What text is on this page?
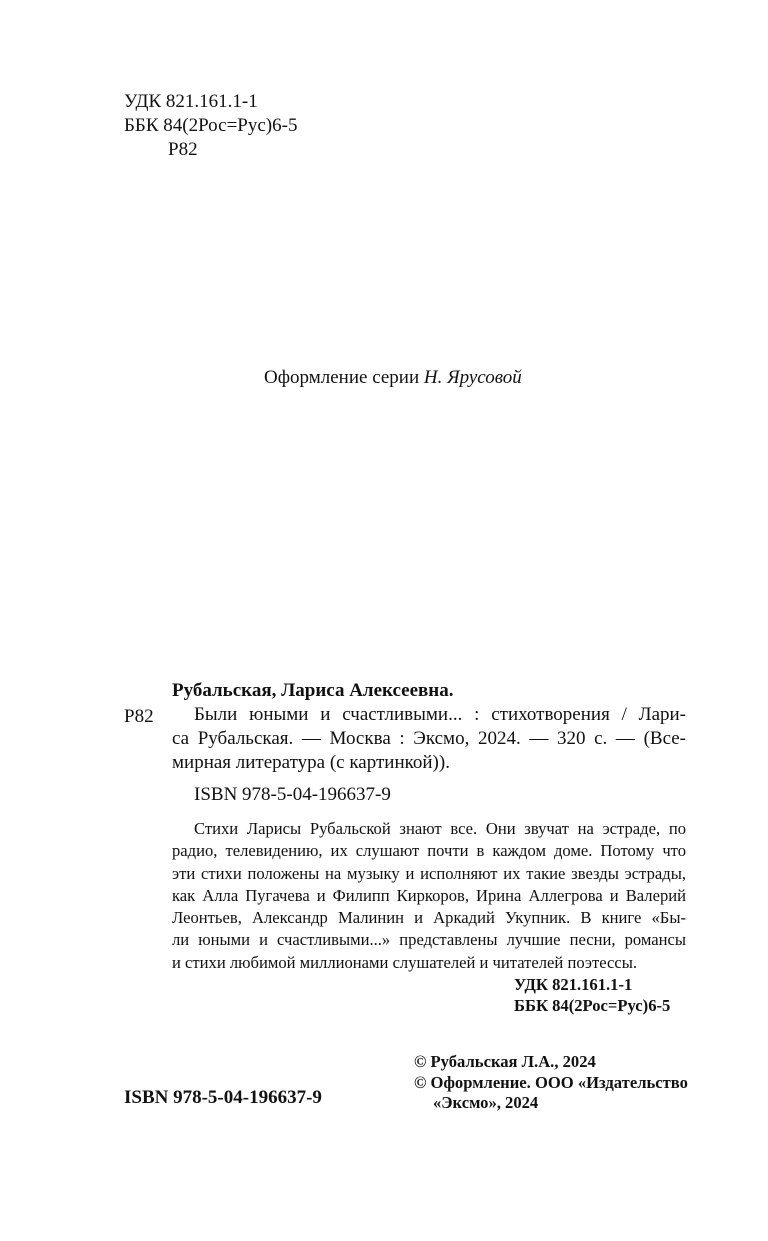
УДК 821.161.1-1
ББК 84(2Рос=Рус)6-5
Р82
Оформление серии Н. Ярусовой
Рубальская, Лариса Алексеевна.
Р82	Были юными и счастливыми... : стихотворения / Лари-
са Рубальская. — Москва : Эксмо, 2024. — 320 с. — (Все-
мирная литература (с картинкой)).
ISBN 978-5-04-196637-9
Стихи Ларисы Рубальской знают все. Они звучат на эстраде, по
радио, телевидению, их слушают почти в каждом доме. Потому что
эти стихи положены на музыку и исполняют их такие звезды эстрады,
как Алла Пугачева и Филипп Киркоров, Ирина Аллегрова и Валерий
Леонтьев, Александр Малинин и Аркадий Укупник. В книге «Бы-
ли юными и счастливыми...» представлены лучшие песни, романсы
и стихи любимой миллионами слушателей и читателей поэтессы.
УДК 821.161.1-1
ББК 84(2Рос=Рус)6-5
© Рубальская Л.А., 2024
© Оформление. ООО «Издательство
«Эксмо», 2024
ISBN 978-5-04-196637-9
